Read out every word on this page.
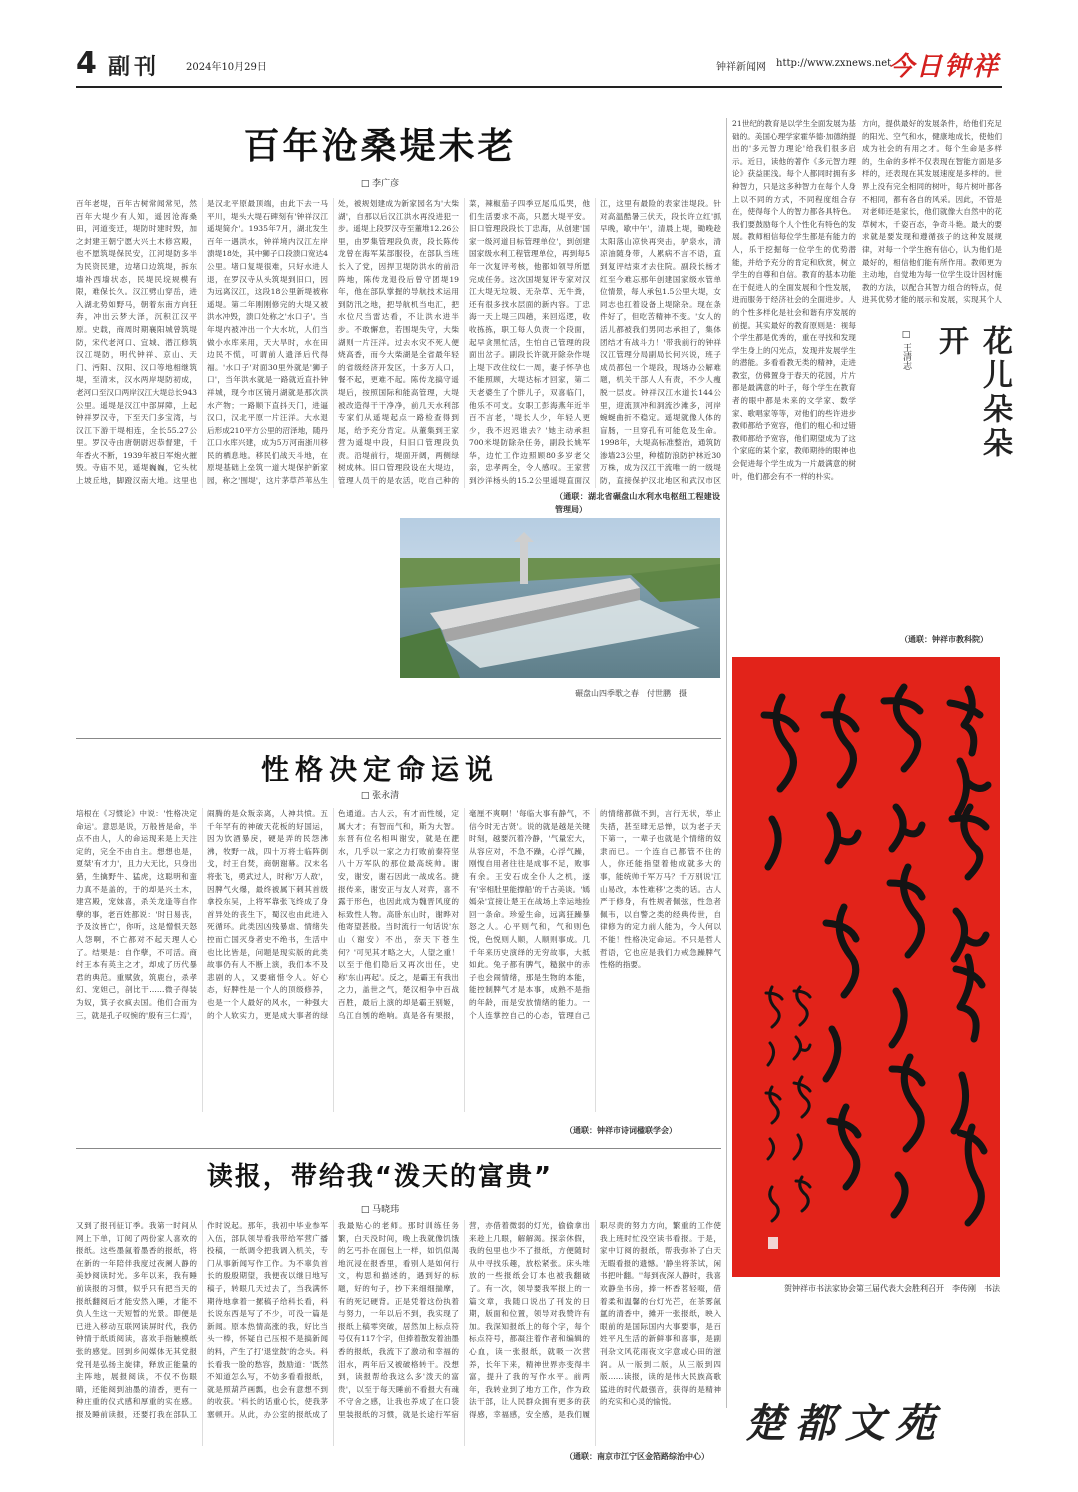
4 副刊	2024年10月29日	钟祥新闻网 http://www.zxnews.net
今日钟祥
百年沧桑堤未老
□ 李广彦
百年老堤，百年古树常闻常见，然百年大堤少有人知，遥因沧海桑田，河道变迁，堤防时建时毁，加之封建王朝宁愿大兴土木修宫殿，也不愿筑堤保民安，江河堤防多半为民资民建，边堵口边筑堤，拆东墙补西墙状态，民堤民垸规模有限，难保长久。汉江劈山穿岳，进入湖北势如野马，朝着东南方向狂奔，冲出云梦大泽，沉积江汉平原。史载，商周时期襄阳城曾筑堤防，宋代老河口、宜城、潜江修筑汉江堤防，明代钟祥、京山、天门、沔阳、汉阳、汉口等地相继筑堤，至清末，汉水两岸堤防初成，老河口至汉口两岸汉江大堤总长943公里。遥堤是汉江中部屏障，上起钟祥罗汉寺，下至天门多宝湾，与汉江下游干堤相连，全长55.27公里。罗汉寺由唐朝尉迟恭督建，千年香火不断，1939年被日军炮火摧毁。寺庙不见，遥堤巍巍，它头枕上坡丘地，脚蹬汉南大地。这里也是汉北平原最顶端，由此下去一马平川，堤头大堤石碑刻有'钟祥汉江遥堤简介'。1935年7月，湖北发生百年一遇洪水，钟祥境内汉江左岸溃堤18处，其中狮子口段溃口宽达4公里。堵口复堤很难，只好水进人退，在罗汉寺从头筑堤到旧口，因为远离汉江，这段18公里新堤被称遥堤。第二年刚刚修完的大堤又被洪水冲毁，溃口处称之'水口子'。当年堤内被冲出一个大水坑，人们当做小水库来用，天大旱时，水在田边民不慌，可谓前人遗泽后代得福。'水口子'对面30里外就是'狮子口'，当年洪水就是一路就近直扑钟祥城，现今市区镜月湖就是那次洪水产物；一路顺下直抖天门，进逼汉口，汉北平原一片汪洋。大水退后形成210平方公里的沼泽地，随丹江口水库兴建，成为5万河南浙川移民的栖息地。移民们战天斗地，在原堤基础上垒筑一道大堤保护新家园，称之'围堤'，这片茅草芦苇丛生处，被规划建成为新家园名为'大柴湖'，自那以后汉江洪水再没进犯一步。遥堤上段罗汉寺至董堆12.26公里，由罗集管理段负责，段长陈传龙曾在海军某部服役，在部队当班长入了党，因捍卫堤防洪水的前沿阵地，陈传龙退役后曾守团堤19年，他在部队掌握的导航技术运用到防汛之地，把导航机当电汇，把水位尺当雷达看，不让洪水进半步。不敢懈怠，若围堤失守，大柴湖则一片汪洋。过去水灾不死人便烧高香，而今大柴湖是全省最年轻的省级经济开发区，十多万人口，餐不起，更难不起。陈传龙搞守遥堤后，按照国际和能高管理，大堤被改造得干干净净，前几天水利部专家们从遥堤起点一路检查得到尾，给予充分肯定。从董集到王家营为遥堤中段，归旧口管理段负责。沿堤前行，堤面开阔，两侧绿树成林。旧口管理段设在大堤边，管理人员干的是农活，吃自己种的菜，辣椒茄子四季豆尾瓜瓜哭，他们生活要求不高，只愿大堤平安。旧口管理段段长丁忠海，从创建'国家一级河道目标管理单位'，到创建国家级水利工程管理单位，再到每5年一次复评考核，他都如领导所愿完成任务。这次国堤复评专家对汉江大堤无垃圾、无杂草、无牛粪，还有很多找水层面的新内容。丁忠海一天上堤三四趟，来回巡逻，收收拣拣，职工每人负责一个段面，起早贪黑忙活，生怕自己管理的段面出岔子。副段长许就开除杂作堤上堤下改住纹仁一周，妻子怀孕也不能照顾，大堤达标才回家，第二天老婆生了个胖儿子，双喜临门，他乐不可支。女职工彭海燕年近半百不言老，'堤长人少，年轻人更少，我不迟迟谁去？'她主动承担700米堤防除杂任务，副段长姚军华，边忙工作边照顾80多岁老父亲，忠孝两全，令人感叹。王家营到沙洋杨头的15.2公里遥堤直面汉江，这里有最险的表家洼堤段。针对高温酷暑三伏天，段长许立红'抓早晚，歇中午'，清晨上堤，锄晚趁太阳落山凉快再突击，驴泉水，清凉油随身带，人累病不言不语，直到复评结束才去住院。副段长杨才红至今难忘那年创建国家级水管单位情景，每人承包1.5公里大堤，女同志也扛着设备上堤除杂。现在条件好了，但吃苦精神不变。'女人的活儿都被我们男同志承担了，集体团结才有战斗力！'带我前行的钟祥汉江管理分局副局长何兴说，班子成员都包一个堤段，现场办公解难题，机关干部人人有责，不少人瘦脱一层皮。钟祥汉江水道长144公里，迎流顶冲和洞流沙滩多，河岸蜿蜒曲折不稳定。遥堤就像人体的盲肠，一旦穿孔有可能危及生命。1998年，大堤高标准整治，通筑防渗墙23公里，种植防浪防护林近30万株，成为汉江干流唯一的一级堤防，直接保护汉北地区和武汉市区
（通联：湖北省碾盘山水利水电枢纽工程建设管理局）
碾盘山四季歌之春　付世鹏　摄
性格决定命运说
□ 张永清
培根在《习惯论》中说：'性格决定命运'。意思是说，万般皆是命，半点不由人，人的命运现来是上天注定的，完全不由自主。想想也是，夏桀'有才力'，且力大无比，只身出猎，生擒野牛、猛虎，这聪明和蛮力真不是盖的，于的却是兴土木，建宫殿，宠妹喜，杀关龙逢等自作孽的事，老百姓都说：'时日易丧，予及汝皆亡'，你听，这是憎恨天怒人怨啊，不亡都对不起天理人心了。结果是：自作孽，不可活。商纣王本有英主之才，却成了历代暴君的典范。重赋敛，筑鹿台，杀孝幻、宠妲己，剖比干……微子得装为奴，箕子衣疯去国。他们合而为三，就是孔子叹惋的'殷有三仁焉'，闹腾的是众叛亲离，人神共愤。五千年罕有的神破天花板的好国运，因为饮酒暴戾，硬是弄的民怨沸沸，牧野一战，四十万将士临阵倒戈，纣王自焚，商朝谢幕。汉末名将张飞，勇武过人，时称'万人敌'，因脾气火爆，最终被属下刺其首级拿投东吴，上将军靠张飞终成了身首异处的丧生下，蜀汉也由此进入死循环。此类因凶残暴虐、情绪失控而亡国灭身者史不绝书，生活中也比比皆是，问题是现实版的此类故事仍有人不断上演，我们本不及悲剧的人，又要痛惜令人。好心态，好脾性是一个人的顶级修养，也是一个人最好的风水，一种强大的个人软实力，更是成大事者的绿色通道。古人云，有才而性缓，定属大才；有智而气和，斯为大智。东晋有位名相叫谢安，就是在淝水，几乎以一家之力打败前秦符坚八十万军队的那位最高统帅。谢安，谢安，谢石因此一战成名。捷报传来，谢安正与友人对弈，喜不露于形色，也因此成为魏晋风度的标致性人物。高卧东山时，谢晔对他寄望甚殷。当时流行一句话说'东山（谢安）不出，奈天下苍生何？'可见其才略之大，人望之重！以至于他们隐后又再次出任，史称'东山再起'。反之，是霸王有我出之力，盖世之气，楚汉相争中百战百胜，最后上演的却是霸王别姬，乌江自刎的绝响。真是各有果报，毫厘不爽啊！'每临大事有静气，不信今时无古贤'。说的就是越是关键时刻，越要沉着冷静，'气量宏大，从容应对，不急不躁，心浮气躁，刚愎自用者往往是成事不足，败事有余。王安石成全仆人之机，遂有'宰相肚里能撑船'的千古美谈。'嫣嫣朵'宣接让楚王在战场上幸运地捡回一条命。珍爱生命，远离狂躁暴怒之人。心平则气和，气和则色悦，色悦则人顺，人顺则事成。几千年来历史演绎的无穷故事，大抵如此。兔子都有脾气，糙猴中的赤子也会闹情绪，那是生物的本能，能控制脾气才是本事，成熟不是指的年龄，而是安放情绪的能力。一个人连掌控自己的心态，管理自己的情绪都做不到，言行无状，举止失措，甚至肆无忌惮，以为老子天下第一，一辈子也就是个情绪的奴隶而已。一个连自己都管不住的人，你还能指望着他成就多大的事，能统帅千军万马？千万别说'江山易改，本性难移'之类的话。古人严于修身，有性规者佩弦，性急者佩韦，以自警之类的经典传世，自律修为的定力前人能为，今人何以不能！性格决定命运。不只是哲人哲语，它也应是我们力戒急躁脾气性格的指要。
（通联：钟祥市诗词楹联学会）
读报，带给我“泼天的富贵”
□ 马晓玮
又到了报刊征订季。我第一时间从网上下单，订阅了两份家人喜欢的报纸。这些墨氤着墨香的报纸，将在新的一年陪伴我度过夜阑人静的美妙阅读时光。多年以来，我有睡前读报的习惯，似乎只有把当天的报纸翻阅后才能安然入睡，才能不负人生这一天短暂的光景。即便是已进入移动互联网读屏时代，我仍钟情于纸质阅读，喜欢手指触模纸张的感觉。回到乡间媒体无其党报党刊是弘扬主旋律，释放正能量的主阵地，展报阅读，不仅不伤眼睛，还能阅到油墨的清香，更有一种庄重的仪式感和厚重的实在感。报及睡前读报，还要打我在部队工作时说起。那年，我初中毕业参军入伍，部队领导看我带给军营广播投稿，一纸调令把我调入机关，专门从事新闻写作工作。为不辜负首长的殷殷期望，我便夜以继日地写稿子，转眼几天过去了，当我满怀期待地拿着一摞稿子给科长看，科长说东西是写了不少，可没一篇是新闻。原本热情高涨的我，好比当头一棒，怀疑自己压根不是搞新闻的料，产生了打'退堂鼓'的念头。科长看我一脸的愁容，鼓励道：'既然不知道怎么写，不妨多看看报纸，就是照葫芦画瓢，也会有意想不到的收获。'科长的话重心长，使我茅塞顿开。从此，办公室的报纸成了我最贴心的老师。那时训练任务繁，白天没时间，晚上我就像饥饿的乞丐扑在面包上一样，如饥似渴地沉浸在报香里，看别人是如何行文，构思和描述的，遇到好的标题，好的句子，抄下来细细揣摩，有的死记硬背。正是凭着这份执着与努力，一年以后不到，我实现了报纸上稿零突破，居然加上标点符号仅有117个字，但捧着散发着油墨香的报纸，我流下了激动和幸福的泪水，两年后又被破格转干。没想到，读报帮给我这么多'泼天的富贵'，以至于每天睡前不看报大有魂不守舍之感，让我也养成了在口袋里装报纸的习惯，就是长途行军宿营，亦借着微弱的灯光，偷偷拿出来趁上几眼，解解渴。探亲休假，我的包里也少不了报纸，方便随时从中寻找乐趣，放松紧张。床头堆放的一些报纸会订本也被我翻破了。有一次，领导要我军报上的一篇文章，我随口说出了刊发的日期，版面和位置，领导对我赞许有加。我深知报纸上的每个字，每个标点符号，都凝注着作者和编辑的心血，读一张报纸，就吸一次营养，长年下来，精神世界亦变得丰富，提升了我的写作水平。前两年，我转业到了地方工作，作为政法干部，让人民群众拥有更多的获得感，幸福感，安全感，是我们履职尽责的努力方向，繁重的工作使我上班时忙没空读书看报。于是，家中订阅的报纸，帮我弥补了白天无暇看报的遗憾。'静坐将茶试，闲书把叶翻。''每到夜深人静时，我喜欢静坐书房，捧一杯香茗轻啜，借着柔和温馨的台灯光芒，在茶雾氤氲的清香中，摊开一张报纸，映入眼前的是国际国内大事要事，是百姓平凡生活的新鲜事和喜事，是副刊杂文风花雨夜文字意或心田的滋润。从一版到二版，从三版到四版……读报，读的是伟大民族高歌猛进的时代最强音，获得的是精神的充实和心灵的愉悦。
（通联：南京市江宁区金箔路综治中心）
21世纪的教育是以学生全面发展为基础的。美国心理学家霍华德·加德纳提出的'多元智力理论'给我们很多启示。近日，读他的著作《多元智力理论》获益匪浅。每个人都同时拥有多种智力，只是这多种智力在每个人身上以不同的方式，不同程度组合存在，使得每个人的智力都各具特色。我们要鼓励每个人个性化有特色的发展。教师相信每位学生都是有能力的人，乐于挖掘每一位学生的优势潜能，并给予充分的肯定和欣赏，树立学生的自尊和自信。教育的基本功能在于促进人的全面发展和个性发展，进而服务于经济社会的全面进步。人的个性多样化是社会和谐有序发展的前提。其实最好的教育原则是：视每个学生都是优秀的，重在寻找和发现学生身上的闪光点，发现并发展学生的潜能。多看看教无类的精神，走进教室，仿佛置身于春天的花园，片片都是最满意的叶子，每个学生在教育者的眼中都是未来的文学家、数学家、歌唱家等等，对他们的些许进步教师都给予宽容，他们的粗心和过错教师都给予宽容，他们期望成为了这个家庭的某个家，教师期待的眼神也会促进每个学生成为一片最满意的树叶，他们都会有不一样的朴实。
花儿朵朵开
□ 王清志
方向，提供最好的发展条件，给他们充足的阳光、空气和水，健康地成长，使他们成为社会的有用之才。每个生命是多样的，生命的多样不仅表现在智能方面是多样的，还表现在其发展速度是多样的。世界上没有完全相同的树叶，每片树叶都各不相同，都有各自的风采。因此，不管是对老师还是家长，他们就像大自然中的花草树木，千姿百态，争奇斗艳。最大的要求就是要发现和遵循孩子的这种发展规律，对每一个学生抱有信心，认为他们是最好的，相信他们能有所作用。教师更为主动地，自觉地为每一位学生设计因材施教的方法，以配合其智力组合的特点，促进其优势才能的展示和发展，实现其个人
（通联：钟祥市教科院）
贺钟祥市书法家协会第三届代表大会胜利召开　李传刚　书法
楚都文苑
